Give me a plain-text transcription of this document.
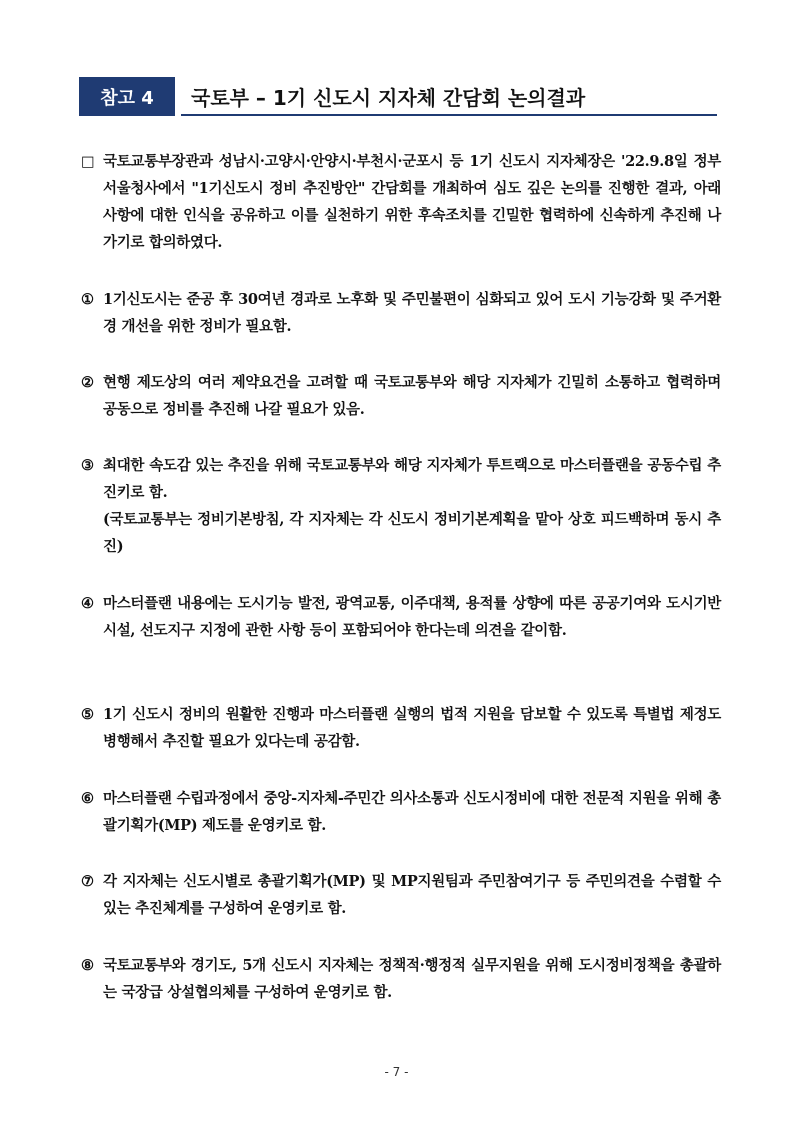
참고 4	국토부 – 1기 신도시 지자체 간담회 논의결과
□ 국토교통부장관과 성남시·고양시·안양시·부천시·군포시 등 1기 신도시 지자체장은 '22.9.8일 정부서울청사에서 "1기신도시 정비 추진방안" 간담회를 개최하여 심도 깊은 논의를 진행한 결과, 아래 사항에 대한 인식을 공유하고 이를 실천하기 위한 후속조치를 긴밀한 협력하에 신속하게 추진해 나가기로 합의하였다.
① 1기신도시는 준공 후 30여년 경과로 노후화 및 주민불편이 심화되고 있어 도시 기능강화 및 주거환경 개선을 위한 정비가 필요함.
② 현행 제도상의 여러 제약요건을 고려할 때 국토교통부와 해당 지자체가 긴밀히 소통하고 협력하며 공동으로 정비를 추진해 나갈 필요가 있음.
③ 최대한 속도감 있는 추진을 위해 국토교통부와 해당 지자체가 투트랙으로 마스터플랜을 공동수립 추진키로 함.
(국토교통부는 정비기본방침, 각 지자체는 각 신도시 정비기본계획을 맡아 상호 피드백하며 동시 추진)
④ 마스터플랜 내용에는 도시기능 발전, 광역교통, 이주대책, 용적률 상향에 따른 공공기여와 도시기반시설, 선도지구 지정에 관한 사항 등이 포함되어야 한다는데 의견을 같이함.
⑤ 1기 신도시 정비의 원활한 진행과 마스터플랜 실행의 법적 지원을 담보할 수 있도록 특별법 제정도 병행해서 추진할 필요가 있다는데 공감함.
⑥ 마스터플랜 수립과정에서 중앙-지자체-주민간 의사소통과 신도시정비에 대한 전문적 지원을 위해 총괄기획가(MP) 제도를 운영키로 함.
⑦ 각 지자체는 신도시별로 총괄기획가(MP) 및 MP지원팀과 주민참여기구 등 주민의견을 수렴할 수 있는 추진체계를 구성하여 운영키로 함.
⑧ 국토교통부와 경기도, 5개 신도시 지자체는 정책적·행정적 실무지원을 위해 도시정비정책을 총괄하는 국장급 상설협의체를 구성하여 운영키로 함.
- 7 -
